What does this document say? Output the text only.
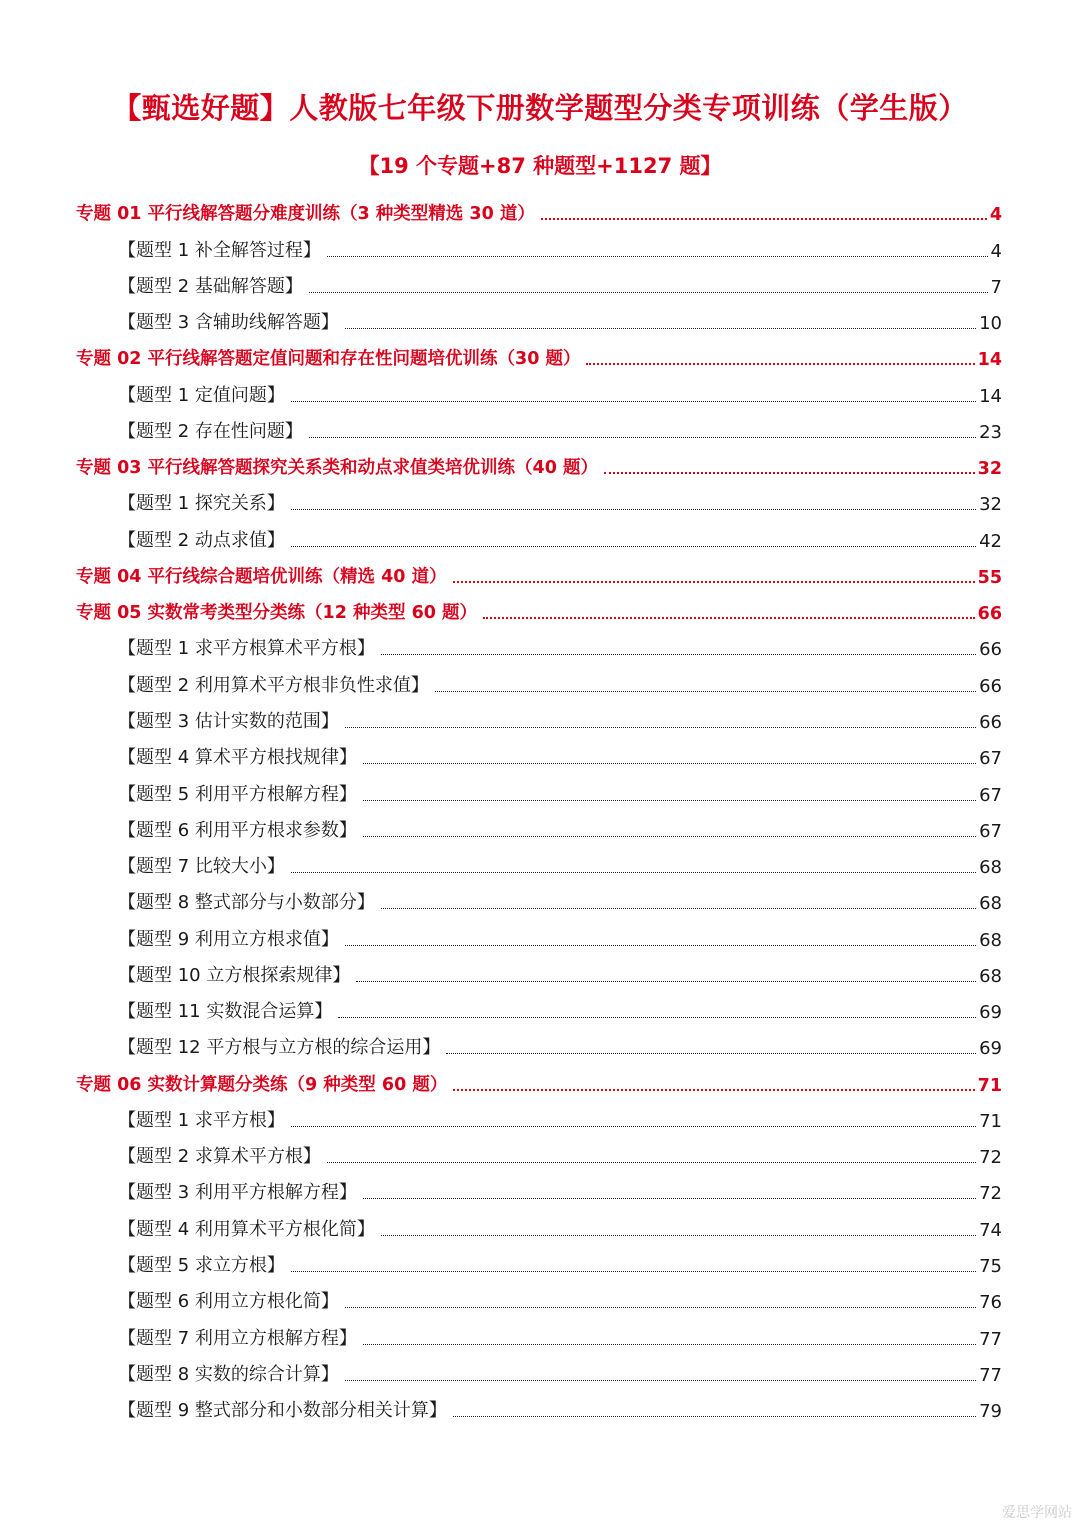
【甄选好题】人教版七年级下册数学题型分类专项训练（学生版）
【19 个专题+87 种题型+1127 题】
专题 01 平行线解答题分难度训练（3 种类型精选 30 道）	4
【题型 1 补全解答过程】	4
【题型 2 基础解答题】	7
【题型 3 含辅助线解答题】	10
专题 02 平行线解答题定值问题和存在性问题培优训练（30 题）	14
【题型 1 定值问题】	14
【题型 2 存在性问题】	23
专题 03 平行线解答题探究关系类和动点求值类培优训练（40 题）	32
【题型 1 探究关系】	32
【题型 2 动点求值】	42
专题 04 平行线综合题培优训练（精选 40 道）	55
专题 05 实数常考类型分类练（12 种类型 60 题）	66
【题型 1 求平方根算术平方根】	66
【题型 2 利用算术平方根非负性求值】	66
【题型 3 估计实数的范围】	66
【题型 4 算术平方根找规律】	67
【题型 5 利用平方根解方程】	67
【题型 6 利用平方根求参数】	67
【题型 7 比较大小】	68
【题型 8 整式部分与小数部分】	68
【题型 9 利用立方根求值】	68
【题型 10 立方根探索规律】	68
【题型 11 实数混合运算】	69
【题型 12 平方根与立方根的综合运用】	69
专题 06 实数计算题分类练（9 种类型 60 题）	71
【题型 1 求平方根】	71
【题型 2 求算术平方根】	72
【题型 3 利用平方根解方程】	72
【题型 4 利用算术平方根化简】	74
【题型 5 求立方根】	75
【题型 6 利用立方根化简】	76
【题型 7 利用立方根解方程】	77
【题型 8 实数的综合计算】	77
【题型 9 整式部分和小数部分相关计算】	79
爱思学网站
